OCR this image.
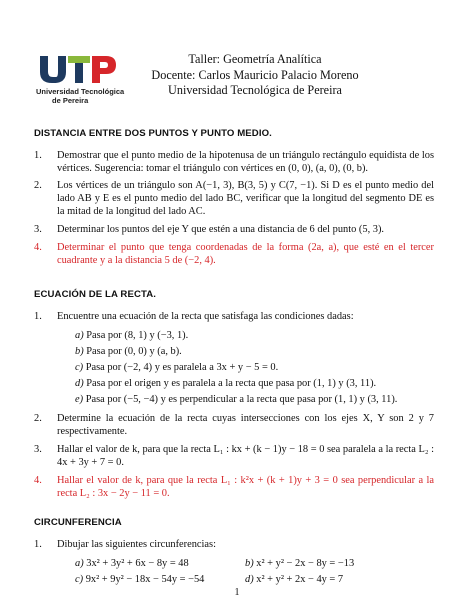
Universidad Tecnológica
de Pereira
Taller: Geometría Analítica
Docente: Carlos Mauricio Palacio Moreno
Universidad Tecnológica de Pereira
DISTANCIA ENTRE DOS PUNTOS Y PUNTO MEDIO.
1. Demostrar que el punto medio de la hipotenusa de un triángulo rectángulo equidista de los vértices. Sugerencia: tomar el triángulo con vértices en (0, 0), (a, 0), (0, b).
2. Los vértices de un triángulo son A(−1, 3), B(3, 5) y C(7, −1). Si D es el punto medio del lado AB y E es el punto medio del lado BC, verificar que la longitud del segmento DE es la mitad de la longitud del lado AC.
3. Determinar los puntos del eje Y que estén a una distancia de 6 del punto (5, 3).
4. Determinar el punto que tenga coordenadas de la forma (2a, a), que esté en el tercer cuadrante y a la distancia 5 de (−2, 4).
ECUACIÓN DE LA RECTA.
1. Encuentre una ecuación de la recta que satisfaga las condiciones dadas:
a) Pasa por (8, 1) y (−3, 1).
b) Pasa por (0, 0) y (a, b).
c) Pasa por (−2, 4) y es paralela a 3x + y − 5 = 0.
d) Pasa por el origen y es paralela a la recta que pasa por (1, 1) y (3, 11).
e) Pasa por (−5, −4) y es perpendicular a la recta que pasa por (1, 1) y (3, 11).
2. Determine la ecuación de la recta cuyas intersecciones con los ejes X, Y son 2 y 7 respectivamente.
3. Hallar el valor de k, para que la recta L₁ : kx + (k − 1)y − 18 = 0 sea paralela a la recta L₂ : 4x + 3y + 7 = 0.
4. Hallar el valor de k, para que la recta L₁ : k²x + (k + 1)y + 3 = 0 sea perpendicular a la recta L₂ : 3x − 2y − 11 = 0.
CIRCUNFERENCIA
1. Dibujar las siguientes circunferencias:
a) 3x² + 3y² + 6x − 8y = 48	b) x² + y² − 2x − 8y = −13
c) 9x² + 9y² − 18x − 54y = −54	d) x² + y² + 2x − 4y = 7
1
